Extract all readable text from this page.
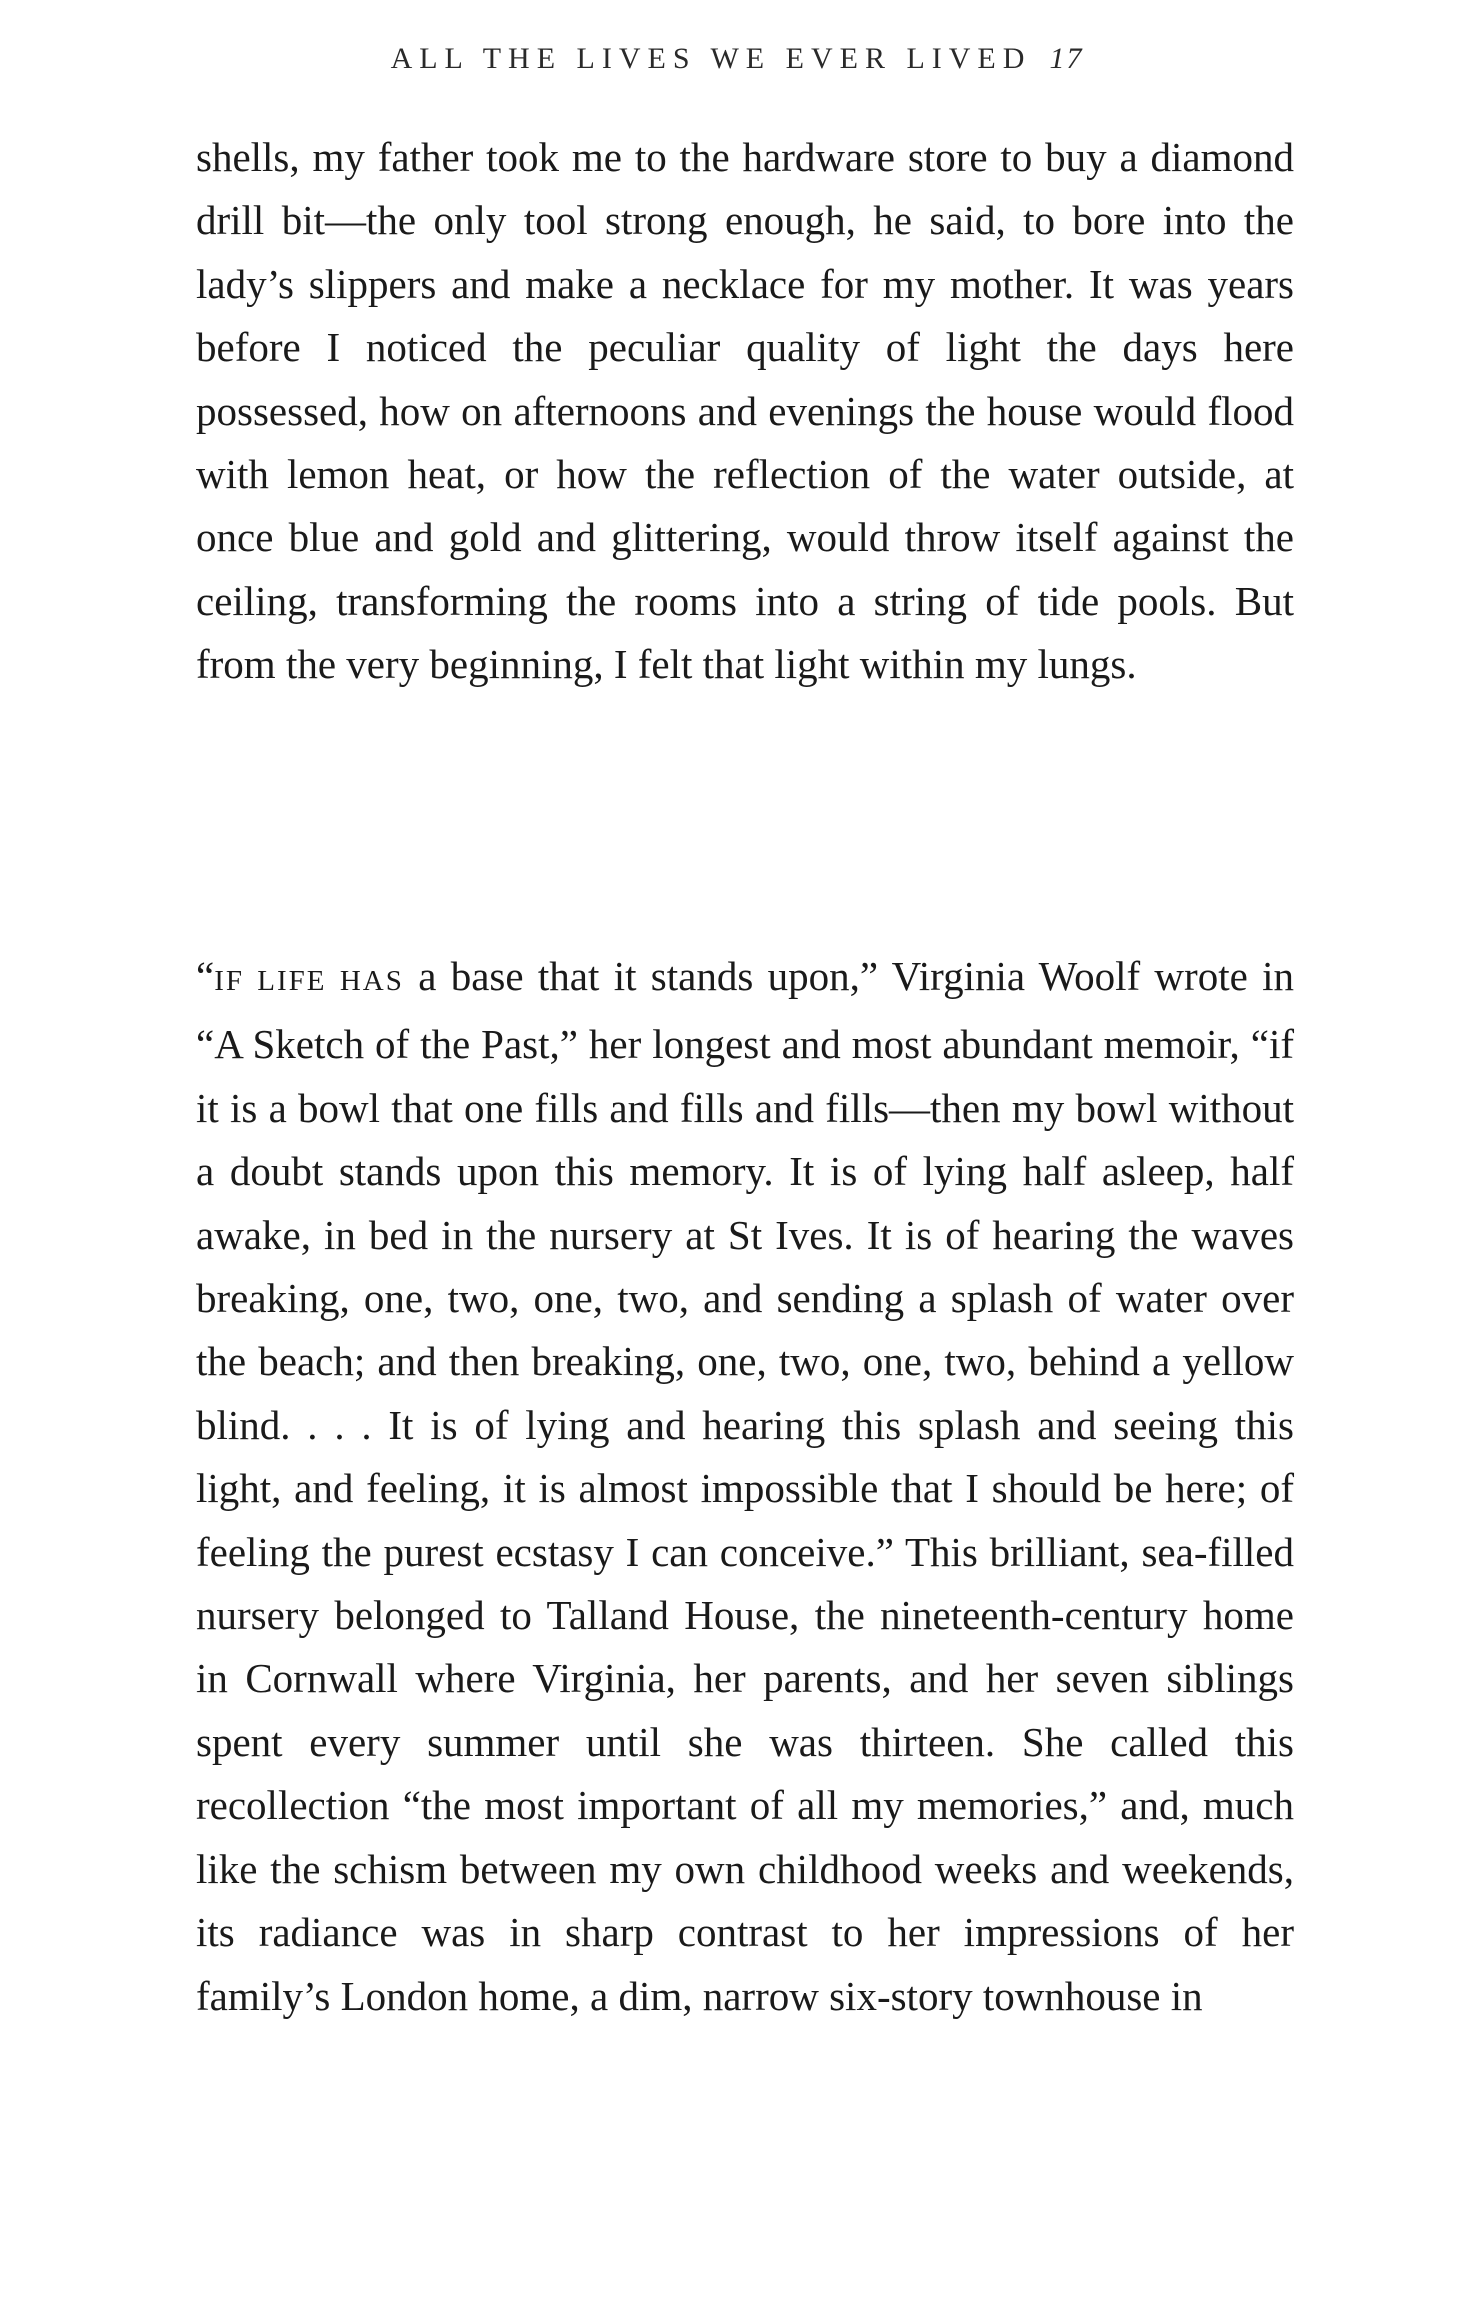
ALL THE LIVES WE EVER LIVED 17

shells, my father took me to the hardware store to buy a diamond drill bit—the only tool strong enough, he said, to bore into the lady’s slippers and make a necklace for my mother. It was years before I noticed the peculiar quality of light the days here possessed, how on afternoons and evenings the house would flood with lemon heat, or how the reflection of the water outside, at once blue and gold and glittering, would throw itself against the ceiling, transforming the rooms into a string of tide pools. But from the very beginning, I felt that light within my lungs.

“IF LIFE HAS a base that it stands upon,” Virginia Woolf wrote in “A Sketch of the Past,” her longest and most abundant memoir, “if it is a bowl that one fills and fills and fills—then my bowl without a doubt stands upon this memory. It is of lying half asleep, half awake, in bed in the nursery at St Ives. It is of hearing the waves breaking, one, two, one, two, and sending a splash of water over the beach; and then breaking, one, two, one, two, behind a yellow blind. . . . It is of lying and hearing this splash and seeing this light, and feeling, it is almost impossible that I should be here; of feeling the purest ecstasy I can conceive.” This brilliant, sea-filled nursery belonged to Talland House, the nineteenth-century home in Cornwall where Virginia, her parents, and her seven siblings spent every summer until she was thirteen. She called this recollection “the most important of all my memories,” and, much like the schism between my own childhood weeks and weekends, its radiance was in sharp contrast to her impressions of her family’s London home, a dim, narrow six-story townhouse in
